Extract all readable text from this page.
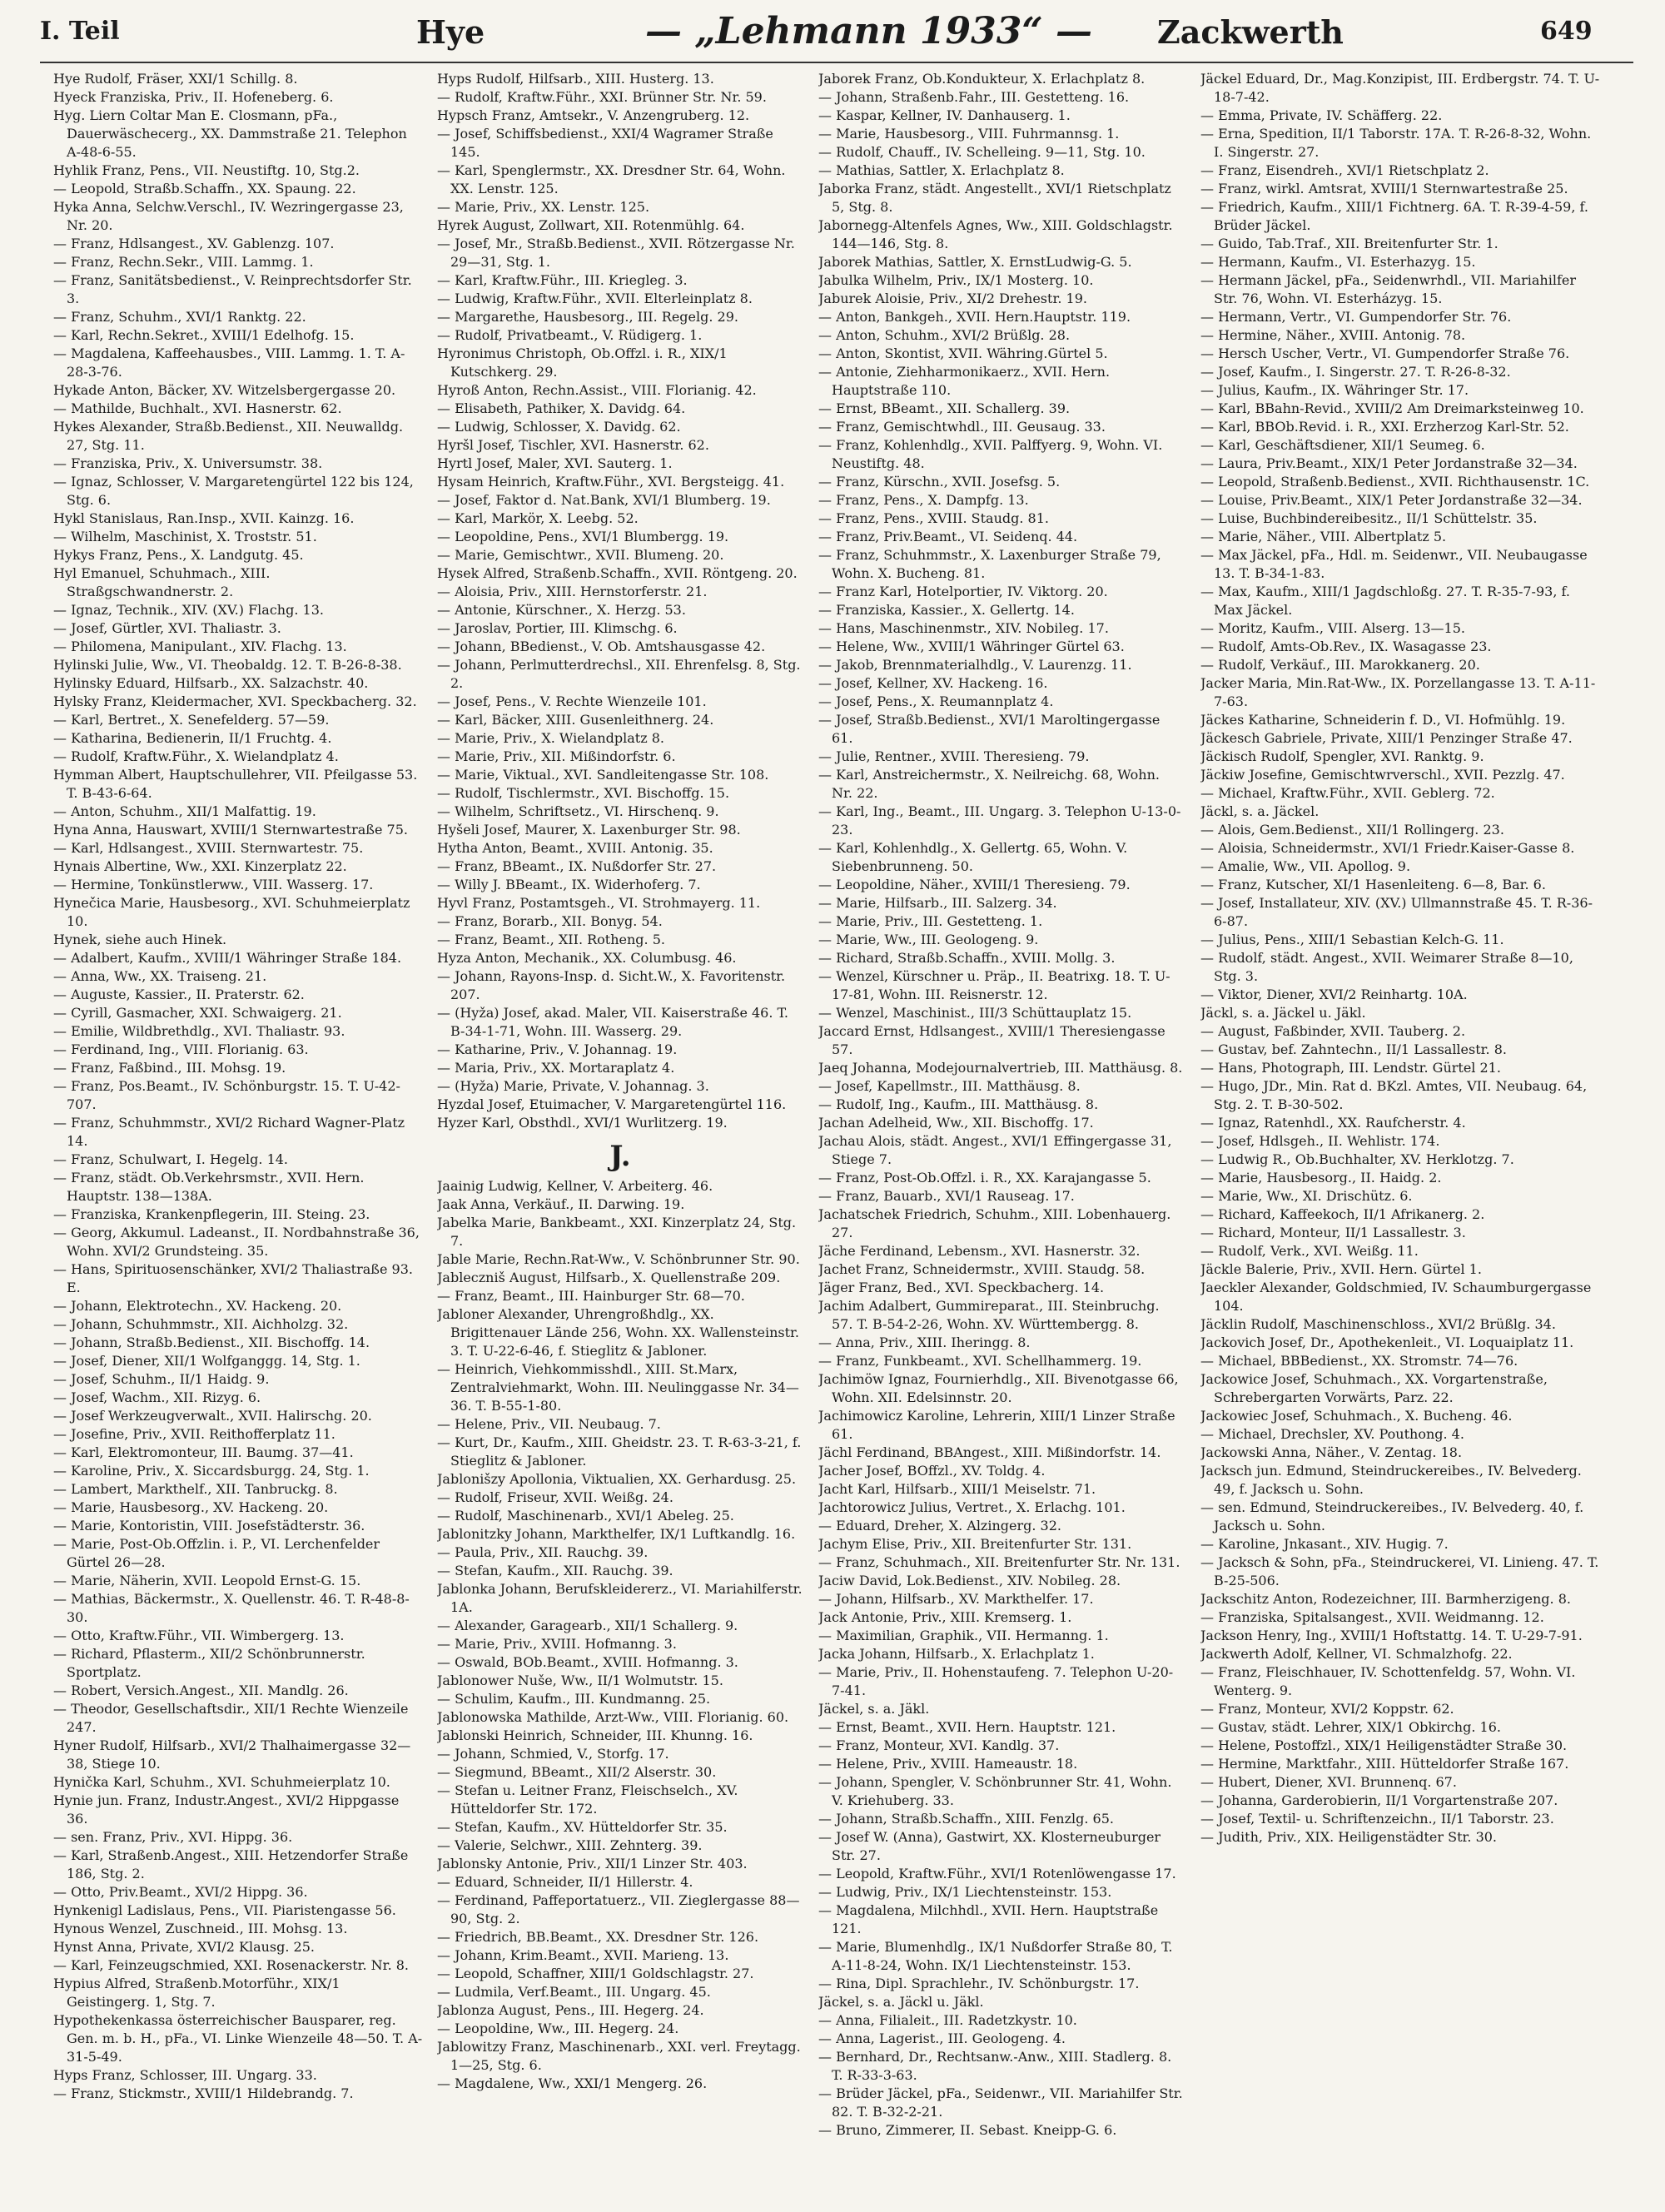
I. Teil	Hye	— „Lehmann 1933“ — Zackwerth	649

Hye Rudolf, Fräser, XXI/1 Schillg. 8.

Hyeck Franziska, Priv., II. Hofeneberg. 6.

Hyg. Liern Coltar Man E. Closmann, pFa., Dauerwäschecerg., XX. Dammstraße 21. Telephon A-48-6-55.

Hyhlik Franz, Pens., VII. Neustiftg. 10, Stg.2.

— Leopold, Straßb.Schaffn., XX. Spaung. 22.

Hyka Anna, Selchw.Verschl., IV. Wezringergasse 23, Nr. 20.

— Franz, Hdlsangest., XV. Gablenzg. 107.

— Franz, Rechn.Sekr., VIII. Lammg. 1.

— Franz, Sanitätsbedienst., V. Reinprechtsdorfer Str. 3.

— Franz, Schuhm., XVI/1 Ranktg. 22.

— Karl, Rechn.Sekret., XVIII/1 Edelhofg. 15.

— Magdalena, Kaffeehausbes., VIII. Lammg. 1. T. A-28-3-76.

Hykade Anton, Bäcker, XV. Witzelsbergergasse 20.

— Mathilde, Buchhalt., XVI. Hasnerstr. 62.

Hykes Alexander, Straßb.Bedienst., XII. Neuwalldg. 27, Stg. 11.

— Franziska, Priv., X. Universumstr. 38.

— Ignaz, Schlosser, V. Margaretengürtel 122 bis 124, Stg. 6.

Hykl Stanislaus, Ran.Insp., XVII. Kainzg. 16.

— Wilhelm, Maschinist, X. Troststr. 51.

Hykys Franz, Pens., X. Landgutg. 45.

Hyl Emanuel, Schuhmach., XIII. Straßgschwandnerstr. 2.

— Ignaz, Technik., XIV. (XV.) Flachg. 13.

— Josef, Gürtler, XVI. Thaliastr. 3.

— Philomena, Manipulant., XIV. Flachg. 13.

Hylinski Julie, Ww., VI. Theobaldg. 12. T. B-26-8-38.

Hylinsky Eduard, Hilfsarb., XX. Salzachstr. 40.

Hylsky Franz, Kleidermacher, XVI. Speckbacherg. 32.

— Karl, Bertret., X. Senefelderg. 57—59.

— Katharina, Bedienerin, II/1 Fruchtg. 4.

— Rudolf, Kraftw.Führ., X. Wielandplatz 4.

Hymman Albert, Hauptschullehrer, VII. Pfeilgasse 53. T. B-43-6-64.

— Anton, Schuhm., XII/1 Malfattig. 19.

Hyna Anna, Hauswart, XVIII/1 Sternwartestraße 75.

— Karl, Hdlsangest., XVIII. Sternwartestr. 75.

Hynais Albertine, Ww., XXI. Kinzerplatz 22.

— Hermine, Tonkünstlerww., VIII. Wasserg. 17.

Hynečica Marie, Hausbesorg., XVI. Schuhmeierplatz 10.

Hynek, siehe auch Hinek.

— Adalbert, Kaufm., XVIII/1 Währinger Straße 184.

— Anna, Ww., XX. Traiseng. 21.

— Auguste, Kassier., II. Praterstr. 62.

— Cyrill, Gasmacher, XXI. Schwaigerg. 21.

— Emilie, Wildbrethdlg., XVI. Thaliastr. 93.

— Ferdinand, Ing., VIII. Florianig. 63.

— Franz, Faßbind., III. Mohsg. 19.

— Franz, Pos.Beamt., IV. Schönburgstr. 15. T. U-42-707.

— Franz, Schuhmmstr., XVI/2 Richard Wagner-Platz 14.

— Franz, Schulwart, I. Hegelg. 14.

— Franz, städt. Ob.Verkehrsmstr., XVII. Hern. Hauptstr. 138—138A.

— Franziska, Krankenpflegerin, III. Steing. 23.

— Georg, Akkumul. Ladeanst., II. Nordbahnstraße 36, Wohn. XVI/2 Grundsteing. 35.

— Hans, Spirituosenschänker, XVI/2 Thaliastraße 93. E.

— Johann, Elektrotechn., XV. Hackeng. 20.

— Johann, Schuhmmstr., XII. Aichholzg. 32.

— Johann, Straßb.Bedienst., XII. Bischoffg. 14.

— Josef, Diener, XII/1 Wolfganggg. 14, Stg. 1.

— Josef, Schuhm., II/1 Haidg. 9.

— Josef, Wachm., XII. Rizyg. 6.

— Josef Werkzeugverwalt., XVII. Halirschg. 20.

— Josefine, Priv., XVII. Reithofferplatz 11.

— Karl, Elektromonteur, III. Baumg. 37—41.

— Karoline, Priv., X. Siccardsburgg. 24, Stg. 1.

— Lambert, Markthelf., XII. Tanbruckg. 8.

— Marie, Hausbesorg., XV. Hackeng. 20.

— Marie, Kontoristin, VIII. Josefstädterstr. 36.

— Marie, Post-Ob.Offzlin. i. P., VI. Lerchenfelder Gürtel 26—28.

— Marie, Näherin, XVII. Leopold Ernst-G. 15.

— Mathias, Bäckermstr., X. Quellenstr. 46. T. R-48-8-30.

— Otto, Kraftw.Führ., VII. Wimbergerg. 13.

— Richard, Pflasterm., XII/2 Schönbrunnerstr. Sportplatz.

— Robert, Versich.Angest., XII. Mandlg. 26.

— Theodor, Gesellschaftsdir., XII/1 Rechte Wienzeile 247.

Hyner Rudolf, Hilfsarb., XVI/2 Thalhaimergasse 32—38, Stiege 10.

Hynička Karl, Schuhm., XVI. Schuhmeierplatz 10.

Hynie jun. Franz, Industr.Angest., XVI/2 Hippgasse 36.

— sen. Franz, Priv., XVI. Hippg. 36.

— Karl, Straßenb.Angest., XIII. Hetzendorfer Straße 186, Stg. 2.

— Otto, Priv.Beamt., XVI/2 Hippg. 36.

Hynkenigl Ladislaus, Pens., VII. Piaristengasse 56.

Hynous Wenzel, Zuschneid., III. Mohsg. 13.

Hynst Anna, Private, XVI/2 Klausg. 25.

— Karl, Feinzeugschmied, XXI. Rosenackerstr. Nr. 8.

Hypius Alfred, Straßenb.Motorführ., XIX/1 Geistingerg. 1, Stg. 7.

Hypothekenkassa österreichischer Bausparer, reg. Gen. m. b. H., pFa., VI. Linke Wienzeile 48—50. T. A-31-5-49.

Hyps Franz, Schlosser, III. Ungarg. 33.

— Franz, Stickmstr., XVIII/1 Hildebrandg. 7.

Hyps Rudolf, Hilfsarb., XIII. Husterg. 13.

— Rudolf, Kraftw.Führ., XXI. Brünner Str. Nr. 59.

Hypsch Franz, Amtsekr., V. Anzengruberg. 12.

— Josef, Schiffsbedienst., XXI/4 Wagramer Straße 145.

— Karl, Spenglermstr., XX. Dresdner Str. 64, Wohn. XX. Lenstr. 125.

— Marie, Priv., XX. Lenstr. 125.

Hyrek August, Zollwart, XII. Rotenmühlg. 64.

— Josef, Mr., Straßb.Bedienst., XVII. Rötzergasse Nr. 29—31, Stg. 1.

— Karl, Kraftw.Führ., III. Kriegleg. 3.

— Ludwig, Kraftw.Führ., XVII. Elterleinplatz 8.

— Margarethe, Hausbesorg., III. Regelg. 29.

— Rudolf, Privatbeamt., V. Rüdigerg. 1.

Hyronimus Christoph, Ob.Offzl. i. R., XIX/1 Kutschkerg. 29.

Hyroß Anton, Rechn.Assist., VIII. Florianig. 42.

— Elisabeth, Pathiker, X. Davidg. 64.

— Ludwig, Schlosser, X. Davidg. 62.

Hyršl Josef, Tischler, XVI. Hasnerstr. 62.

Hyrtl Josef, Maler, XVI. Sauterg. 1.

Hysam Heinrich, Kraftw.Führ., XVI. Bergsteigg. 41.

— Josef, Faktor d. Nat.Bank, XVI/1 Blumberg. 19.

— Karl, Markör, X. Leebg. 52.

— Leopoldine, Pens., XVI/1 Blumbergg. 19.

— Marie, Gemischtwr., XVII. Blumeng. 20.

Hysek Alfred, Straßenb.Schaffn., XVII. Röntgeng. 20.

— Aloisia, Priv., XIII. Hernstorferstr. 21.

— Antonie, Kürschner., X. Herzg. 53.

— Jaroslav, Portier, III. Klimschg. 6.

— Johann, BBedienst., V. Ob. Amtshausgasse 42.

— Johann, Perlmutterdrechsl., XII. Ehrenfelsg. 8, Stg. 2.

— Josef, Pens., V. Rechte Wienzeile 101.

— Karl, Bäcker, XIII. Gusenleithnerg. 24.

— Marie, Priv., X. Wielandplatz 8.

— Marie, Priv., XII. Mißindorfstr. 6.

— Marie, Viktual., XVI. Sandleitengasse Str. 108.

— Rudolf, Tischlermstr., XVI. Bischoffg. 15.

— Wilhelm, Schriftsetz., VI. Hirschenq. 9.

Hyšeli Josef, Maurer, X. Laxenburger Str. 98.

Hytha Anton, Beamt., XVIII. Antonig. 35.

— Franz, BBeamt., IX. Nußdorfer Str. 27.

— Willy J. BBeamt., IX. Widerhoferg. 7.

Hyvl Franz, Postamtsgeh., VI. Strohmayerg. 11.

— Franz, Borarb., XII. Bonyg. 54.

— Franz, Beamt., XII. Rotheng. 5.

Hyza Anton, Mechanik., XX. Columbusg. 46.

— Johann, Rayons-Insp. d. Sicht.W., X. Favoritenstr. 207.

— (Hyža) Josef, akad. Maler, VII. Kaiserstraße 46. T. B-34-1-71, Wohn. III. Wasserg. 29.

— Katharine, Priv., V. Johannag. 19.

— Maria, Priv., XX. Mortaraplatz 4.

— (Hyža) Marie, Private, V. Johannag. 3.

Hyzdal Josef, Etuimacher, V. Margaretengürtel 116.

Hyzer Karl, Obsthdl., XVI/1 Wurlitzerg. 19.

J.

Jaainig Ludwig, Kellner, V. Arbeiterg. 46.

Jaak Anna, Verkäuf., II. Darwing. 19.

Jabelka Marie, Bankbeamt., XXI. Kinzerplatz 24, Stg. 7.

Jable Marie, Rechn.Rat-Ww., V. Schönbrunner Str. 90.

Jableczniš August, Hilfsarb., X. Quellenstraße 209.

— Franz, Beamt., III. Hainburger Str. 68—70.

Jabloner Alexander, Uhrengroßhdlg., XX. Brigittenauer Lände 256, Wohn. XX. Wallensteinstr. 3. T. U-22-6-46, f. Stieglitz & Jabloner.

— Heinrich, Viehkommisshdl., XIII. St.Marx, Zentralviehmarkt, Wohn. III. Neulinggasse Nr. 34—36. T. B-55-1-80.

— Helene, Priv., VII. Neubaug. 7.

— Kurt, Dr., Kaufm., XIII. Gheidstr. 23. T. R-63-3-21, f. Stieglitz & Jabloner.

Jablonišzy Apollonia, Viktualien, XX. Gerhardusg. 25.

— Rudolf, Friseur, XVII. Weißg. 24.

— Rudolf, Maschinenarb., XVI/1 Abeleg. 25.

Jablonitzky Johann, Markthelfer, IX/1 Luftkandlg. 16.

— Paula, Priv., XII. Rauchg. 39.

— Stefan, Kaufm., XII. Rauchg. 39.

Jablonka Johann, Berufskleidererz., VI. Mariahilferstr. 1A.

— Alexander, Garagearb., XII/1 Schallerg. 9.

— Marie, Priv., XVIII. Hofmanng. 3.

— Oswald, BOb.Beamt., XVIII. Hofmanng. 3.

Jablonower Nuše, Ww., II/1 Wolmutstr. 15.

— Schulim, Kaufm., III. Kundmanng. 25.

Jablonowska Mathilde, Arzt-Ww., VIII. Florianig. 60.

Jablonski Heinrich, Schneider, III. Khunng. 16.

— Johann, Schmied, V., Storfg. 17.

— Siegmund, BBeamt., XII/2 Alserstr. 30.

— Stefan u. Leitner Franz, Fleischselch., XV. Hütteldorfer Str. 172.

— Stefan, Kaufm., XV. Hütteldorfer Str. 35.

— Valerie, Selchwr., XIII. Zehnterg. 39.

Jablonsky Antonie, Priv., XII/1 Linzer Str. 403.

— Eduard, Schneider, II/1 Hillerstr. 4.

— Ferdinand, Paffeportatuerz., VII. Zieglergasse 88—90, Stg. 2.

— Friedrich, BB.Beamt., XX. Dresdner Str. 126.

— Johann, Krim.Beamt., XVII. Marieng. 13.

— Leopold, Schaffner, XIII/1 Goldschlagstr. 27.

— Ludmila, Verf.Beamt., III. Ungarg. 45.

Jablonza August, Pens., III. Hegerg. 24.

— Leopoldine, Ww., III. Hegerg. 24.

Jablowitzy Franz, Maschinenarb., XXI. verl. Freytagg. 1—25, Stg. 6.

— Magdalene, Ww., XXI/1 Mengerg. 26.

Jaborek Franz, Ob.Kondukteur, X. Erlachplatz 8.

— Johann, Straßenb.Fahr., III. Gestetteng. 16.

— Kaspar, Kellner, IV. Danhauserg. 1.

— Marie, Hausbesorg., VIII. Fuhrmannsg. 1.

— Rudolf, Chauff., IV. Schelleing. 9—11, Stg. 10.

— Mathias, Sattler, X. Erlachplatz 8.

Jaborka Franz, städt. Angestellt., XVI/1 Rietschplatz 5, Stg. 8.

Jabornegg-Altenfels Agnes, Ww., XIII. Goldschlagstr. 144—146, Stg. 8.

Jaborek Mathias, Sattler, X. ErnstLudwig-G. 5.

Jabulka Wilhelm, Priv., IX/1 Mosterg. 10.

Jaburek Aloisie, Priv., XI/2 Drehestr. 19.

— Anton, Bankgeh., XVII. Hern.Hauptstr. 119.

— Anton, Schuhm., XVI/2 Brüßlg. 28.

— Anton, Skontist, XVII. Währing.Gürtel 5.

— Antonie, Ziehharmonikaerz., XVII. Hern. Hauptstraße 110.

— Ernst, BBeamt., XII. Schallerg. 39.

— Franz, Gemischtwhdl., III. Geusaug. 33.

— Franz, Kohlenhdlg., XVII. Palffyerg. 9, Wohn. VI. Neustiftg. 48.

— Franz, Kürschn., XVII. Josefsg. 5.

— Franz, Pens., X. Dampfg. 13.

— Franz, Pens., XVIII. Staudg. 81.

— Franz, Priv.Beamt., VI. Seidenq. 44.

— Franz, Schuhmmstr., X. Laxenburger Straße 79, Wohn. X. Bucheng. 81.

— Franz Karl, Hotelportier, IV. Viktorg. 20.

— Franziska, Kassier., X. Gellertg. 14.

— Hans, Maschinenmstr., XIV. Nobileg. 17.

— Helene, Ww., XVIII/1 Währinger Gürtel 63.

— Jakob, Brennmaterialhdlg., V. Laurenzg. 11.

— Josef, Kellner, XV. Hackeng. 16.

— Josef, Pens., X. Reumannplatz 4.

— Josef, Straßb.Bedienst., XVI/1 Maroltingergasse 61.

— Julie, Rentner., XVIII. Theresieng. 79.

— Karl, Anstreichermstr., X. Neilreichg. 68, Wohn. Nr. 22.

— Karl, Ing., Beamt., III. Ungarg. 3. Telephon U-13-0-23.

— Karl, Kohlenhdlg., X. Gellertg. 65, Wohn. V. Siebenbrunneng. 50.

— Leopoldine, Näher., XVIII/1 Theresieng. 79.

— Marie, Hilfsarb., III. Salzerg. 34.

— Marie, Priv., III. Gestetteng. 1.

— Marie, Ww., III. Geologeng. 9.

— Richard, Straßb.Schaffn., XVIII. Mollg. 3.

— Wenzel, Kürschner u. Präp., II. Beatrixg. 18. T. U-17-81, Wohn. III. Reisnerstr. 12.

— Wenzel, Maschinist., III/3 Schüttauplatz 15.

Jaccard Ernst, Hdlsangest., XVIII/1 Theresiengasse 57.

Jaeq Johanna, Modejournalvertrieb, III. Matthäusg. 8.

— Josef, Kapellmstr., III. Matthäusg. 8.

— Rudolf, Ing., Kaufm., III. Matthäusg. 8.

Jachan Adelheid, Ww., XII. Bischoffg. 17.

Jachau Alois, städt. Angest., XVI/1 Effingergasse 31, Stiege 7.

— Franz, Post-Ob.Offzl. i. R., XX. Karajangasse 5.

— Franz, Bauarb., XVI/1 Rauseag. 17.

Jachatschek Friedrich, Schuhm., XIII. Lobenhauerg. 27.

Jäche Ferdinand, Lebensm., XVI. Hasnerstr. 32.

Jachet Franz, Schneidermstr., XVIII. Staudg. 58.

Jäger Franz, Bed., XVI. Speckbacherg. 14.

Jachim Adalbert, Gummireparat., III. Steinbruchg. 57. T. B-54-2-26, Wohn. XV. Württembergg. 8.

— Anna, Priv., XIII. Iheringg. 8.

— Franz, Funkbeamt., XVI. Schellhammerg. 19.

Jachimöw Ignaz, Fournierhdlg., XII. Bivenotgasse 66, Wohn. XII. Edelsinnstr. 20.

Jachimowicz Karoline, Lehrerin, XIII/1 Linzer Straße 61.

Jächl Ferdinand, BBAngest., XIII. Mißindorfstr. 14.

Jacher Josef, BOffzl., XV. Toldg. 4.

Jacht Karl, Hilfsarb., XIII/1 Meiselstr. 71.

Jachtorowicz Julius, Vertret., X. Erlachg. 101.

— Eduard, Dreher, X. Alzingerg. 32.

Jachym Elise, Priv., XII. Breitenfurter Str. 131.

— Franz, Schuhmach., XII. Breitenfurter Str. Nr. 131.

Jaciw David, Lok.Bedienst., XIV. Nobileg. 28.

— Johann, Hilfsarb., XV. Markthelfer. 17.

Jack Antonie, Priv., XIII. Kremserg. 1.

— Maximilian, Graphik., VII. Hermanng. 1.

Jacka Johann, Hilfsarb., X. Erlachplatz 1.

— Marie, Priv., II. Hohenstaufeng. 7. Telephon U-20-7-41.

Jäckel, s. a. Jäkl.

— Ernst, Beamt., XVII. Hern. Hauptstr. 121.

— Franz, Monteur, XVI. Kandlg. 37.

— Helene, Priv., XVIII. Hameaustr. 18.

— Johann, Spengler, V. Schönbrunner Str. 41, Wohn. V. Kriehuberg. 33.

— Johann, Straßb.Schaffn., XIII. Fenzlg. 65.

— Josef W. (Anna), Gastwirt, XX. Klosterneuburger Str. 27.

— Leopold, Kraftw.Führ., XVI/1 Rotenlöwengasse 17.

— Ludwig, Priv., IX/1 Liechtensteinstr. 153.

— Magdalena, Milchhdl., XVII. Hern. Hauptstraße 121.

— Marie, Blumenhdlg., IX/1 Nußdorfer Straße 80, T. A-11-8-24, Wohn. IX/1 Liechtensteinstr. 153.

— Rina, Dipl. Sprachlehr., IV. Schönburgstr. 17.

Jäckel, s. a. Jäckl u. Jäkl.

— Anna, Filialeit., III. Radetzkystr. 10.

— Anna, Lagerist., III. Geologeng. 4.

— Bernhard, Dr., Rechtsanw.-Anw., XIII. Stadlerg. 8. T. R-33-3-63.

— Brüder Jäckel, pFa., Seidenwr., VII. Mariahilfer Str. 82. T. B-32-2-21.

— Bruno, Zimmerer, II. Sebast. Kneipp-G. 6.

Jäckel Eduard, Dr., Mag.Konzipist, III. Erdbergstr. 74. T. U-18-7-42.

— Emma, Private, IV. Schäfferg. 22.

— Erna, Spedition, II/1 Taborstr. 17A. T. R-26-8-32, Wohn. I. Singerstr. 27.

— Franz, Eisendreh., XVI/1 Rietschplatz 2.

— Franz, wirkl. Amtsrat, XVIII/1 Sternwartestraße 25.

— Friedrich, Kaufm., XIII/1 Fichtnerg. 6A. T. R-39-4-59, f. Brüder Jäckel.

— Guido, Tab.Traf., XII. Breitenfurter Str. 1.

— Hermann, Kaufm., VI. Esterhazyg. 15.

— Hermann Jäckel, pFa., Seidenwrhdl., VII. Mariahilfer Str. 76, Wohn. VI. Esterházyg. 15.

— Hermann, Vertr., VI. Gumpendorfer Str. 76.

— Hermine, Näher., XVIII. Antonig. 78.

— Hersch Uscher, Vertr., VI. Gumpendorfer Straße 76.

— Josef, Kaufm., I. Singerstr. 27. T. R-26-8-32.

— Julius, Kaufm., IX. Währinger Str. 17.

— Karl, BBahn-Revid., XVIII/2 Am Dreimarksteinweg 10.

— Karl, BBOb.Revid. i. R., XXI. Erzherzog Karl-Str. 52.

— Karl, Geschäftsdiener, XII/1 Seumeg. 6.

— Laura, Priv.Beamt., XIX/1 Peter Jordanstraße 32—34.

— Leopold, Straßenb.Bedienst., XVII. Richthausenstr. 1C.

— Louise, Priv.Beamt., XIX/1 Peter Jordanstraße 32—34.

— Luise, Buchbindereibesitz., II/1 Schüttelstr. 35.

— Marie, Näher., VIII. Albertplatz 5.

— Max Jäckel, pFa., Hdl. m. Seidenwr., VII. Neubaugasse 13. T. B-34-1-83.

— Max, Kaufm., XIII/1 Jagdschloßg. 27. T. R-35-7-93, f. Max Jäckel.

— Moritz, Kaufm., VIII. Alserg. 13—15.

— Rudolf, Amts-Ob.Rev., IX. Wasagasse 23.

— Rudolf, Verkäuf., III. Marokkanerg. 20.

Jacker Maria, Min.Rat-Ww., IX. Porzellangasse 13. T. A-11-7-63.

Jäckes Katharine, Schneiderin f. D., VI. Hofmühlg. 19.

Jäckesch Gabriele, Private, XIII/1 Penzinger Straße 47.

Jäckisch Rudolf, Spengler, XVI. Ranktg. 9.

Jäckiw Josefine, Gemischtwrverschl., XVII. Pezzlg. 47.

— Michael, Kraftw.Führ., XVII. Geblerg. 72.

Jäckl, s. a. Jäckel.

— Alois, Gem.Bedienst., XII/1 Rollingerg. 23.

— Aloisia, Schneidermstr., XVI/1 Friedr.Kaiser-Gasse 8.

— Amalie, Ww., VII. Apollog. 9.

— Franz, Kutscher, XI/1 Hasenleiteng. 6—8, Bar. 6.

— Josef, Installateur, XIV. (XV.) Ullmannstraße 45. T. R-36-6-87.

— Julius, Pens., XIII/1 Sebastian Kelch-G. 11.

— Rudolf, städt. Angest., XVII. Weimarer Straße 8—10, Stg. 3.

— Viktor, Diener, XVI/2 Reinhartg. 10A.

Jäckl, s. a. Jäckel u. Jäkl.

— August, Faßbinder, XVII. Tauberg. 2.

— Gustav, bef. Zahntechn., II/1 Lassallestr. 8.

— Hans, Photograph, III. Lendstr. Gürtel 21.

— Hugo, JDr., Min. Rat d. BKzl. Amtes, VII. Neubaug. 64, Stg. 2. T. B-30-502.

— Ignaz, Ratenhdl., XX. Raufcherstr. 4.

— Josef, Hdlsgeh., II. Wehlistr. 174.

— Ludwig R., Ob.Buchhalter, XV. Herklotzg. 7.

— Marie, Hausbesorg., II. Haidg. 2.

— Marie, Ww., XI. Drischütz. 6.

— Richard, Kaffeekoch, II/1 Afrikanerg. 2.

— Richard, Monteur, II/1 Lassallestr. 3.

— Rudolf, Verk., XVI. Weißg. 11.

Jäckle Balerie, Priv., XVII. Hern. Gürtel 1.

Jaeckler Alexander, Goldschmied, IV. Schaumburgergasse 104.

Jäcklin Rudolf, Maschinenschloss., XVI/2 Brüßlg. 34.

Jackovich Josef, Dr., Apothekenleit., VI. Loquaiplatz 11.

— Michael, BBBedienst., XX. Stromstr. 74—76.

Jackowice Josef, Schuhmach., XX. Vorgartenstraße, Schrebergarten Vorwärts, Parz. 22.

Jackowiec Josef, Schuhmach., X. Bucheng. 46.

— Michael, Drechsler, XV. Pouthong. 4.

Jackowski Anna, Näher., V. Zentag. 18.

Jacksch jun. Edmund, Steindruckereibes., IV. Belvederg. 49, f. Jacksch u. Sohn.

— sen. Edmund, Steindruckereibes., IV. Belvederg. 40, f. Jacksch u. Sohn.

— Karoline, Jnkasant., XIV. Hugig. 7.

— Jacksch & Sohn, pFa., Steindruckerei, VI. Linieng. 47. T. B-25-506.

Jackschitz Anton, Rodezeichner, III. Barmherzigeng. 8.

— Franziska, Spitalsangest., XVII. Weidmanng. 12.

Jackson Henry, Ing., XVIII/1 Hoftstattg. 14. T. U-29-7-91.

Jackwerth Adolf, Kellner, VI. Schmalzhofg. 22.

— Franz, Fleischhauer, IV. Schottenfeldg. 57, Wohn. VI. Wenterg. 9.

— Franz, Monteur, XVI/2 Koppstr. 62.

— Gustav, städt. Lehrer, XIX/1 Obkirchg. 16.

— Helene, Postoffzl., XIX/1 Heiligenstädter Straße 30.

— Hermine, Marktfahr., XIII. Hütteldorfer Straße 167.

— Hubert, Diener, XVI. Brunnenq. 67.

— Johanna, Garderobierin, II/1 Vorgartenstraße 207.

— Josef, Textil- u. Schriftenzeichn., II/1 Taborstr. 23.

— Judith, Priv., XIX. Heiligenstädter Str. 30.
